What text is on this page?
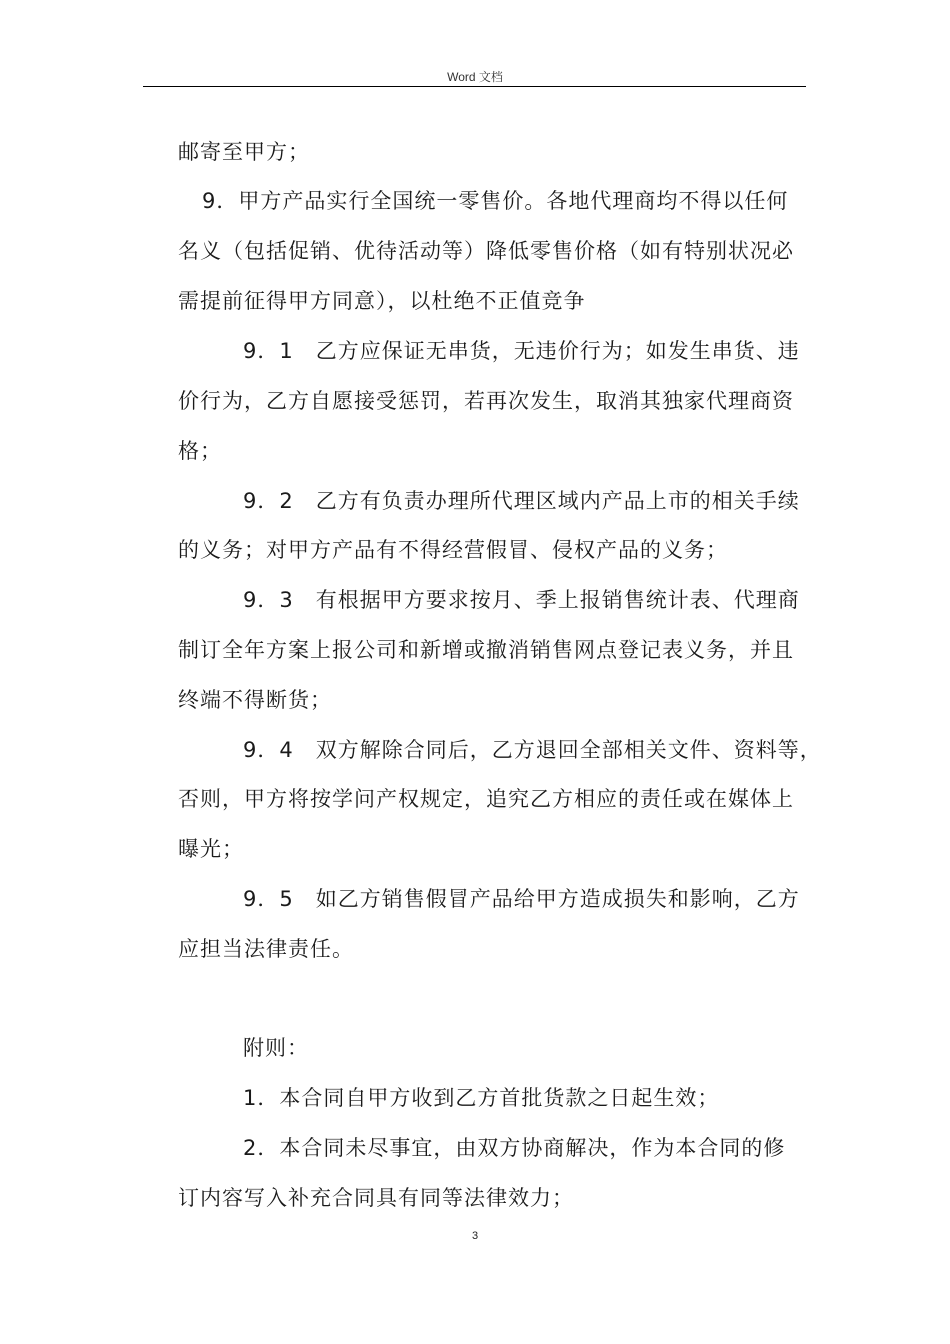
Word 文档
邮寄至甲方；
9．甲方产品实行全国统一零售价。各地代理商均不得以任何
名义（包括促销、优待活动等）降低零售价格（如有特别状况必
需提前征得甲方同意），以杜绝不正值竞争
9．1　乙方应保证无串货，无违价行为；如发生串货、违
价行为，乙方自愿接受惩罚，若再次发生，取消其独家代理商资
格；
9．2　乙方有负责办理所代理区域内产品上市的相关手续
的义务；对甲方产品有不得经营假冒、侵权产品的义务；
9．3　有根据甲方要求按月、季上报销售统计表、代理商
制订全年方案上报公司和新增或撤消销售网点登记表义务，并且
终端不得断货；
9．4　双方解除合同后，乙方退回全部相关文件、资料等，
否则，甲方将按学问产权规定，追究乙方相应的责任或在媒体上
曝光；
9．5　如乙方销售假冒产品给甲方造成损失和影响，乙方
应担当法律责任。
附则：
1．本合同自甲方收到乙方首批货款之日起生效；
2．本合同未尽事宜，由双方协商解决，作为本合同的修
订内容写入补充合同具有同等法律效力；
3
